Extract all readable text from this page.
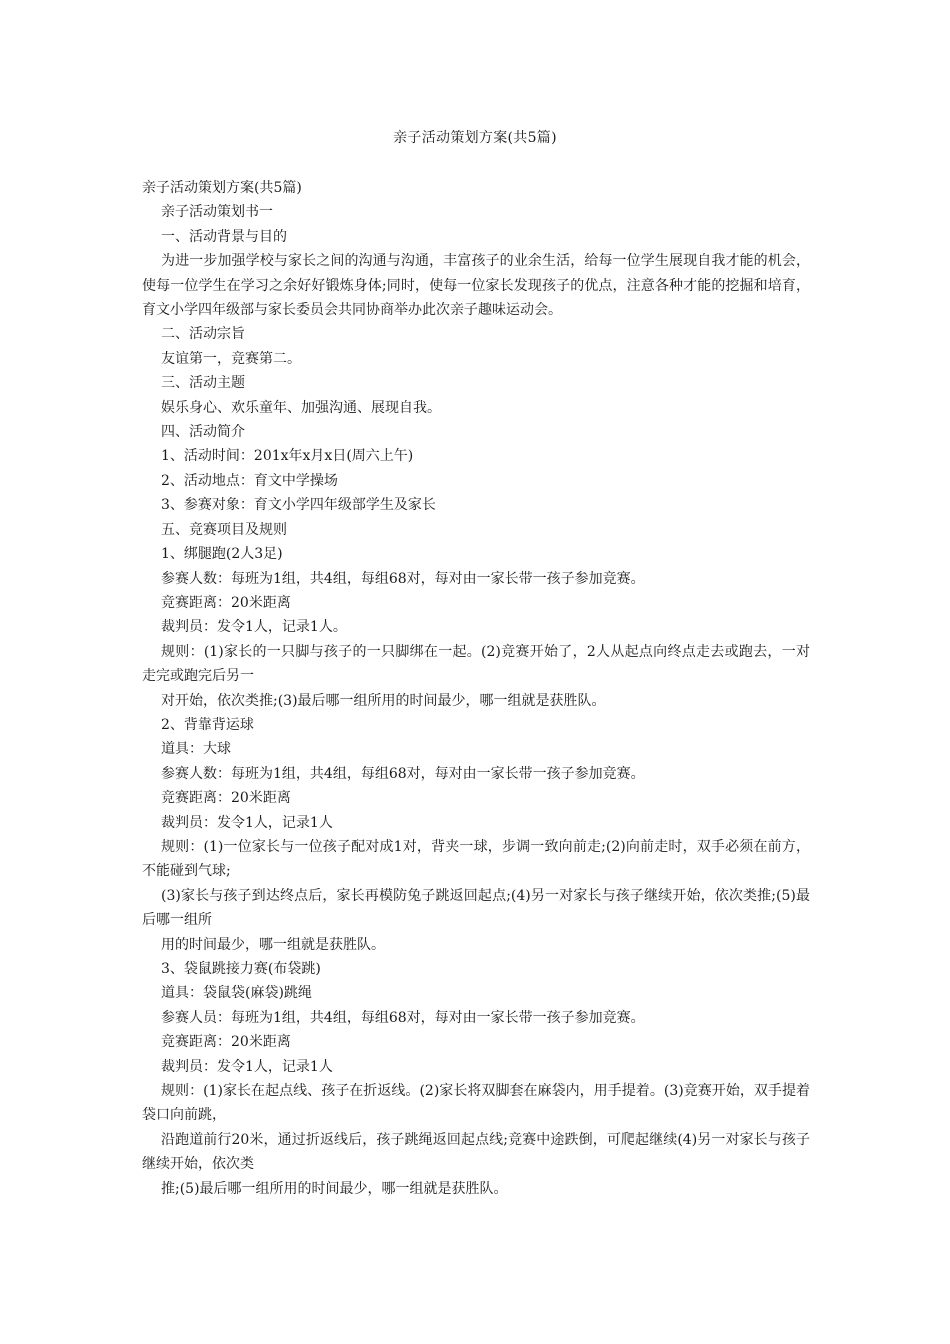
亲子活动策划方案(共5篇)

亲子活动策划方案(共5篇)

亲子活动策划书一

一、活动背景与目的

为进一步加强学校与家长之间的沟通与沟通，丰富孩子的业余生活，给每一位学生展现自我才能的机会，使每一位学生在学习之余好好锻炼身体;同时，使每一位家长发现孩子的优点，注意各种才能的挖掘和培育，育文小学四年级部与家长委员会共同协商举办此次亲子趣味运动会。

二、活动宗旨

友谊第一，竞赛第二。

三、活动主题

娱乐身心、欢乐童年、加强沟通、展现自我。

四、活动简介

1、活动时间：201x年x月x日(周六上午)

2、活动地点：育文中学操场

3、参赛对象：育文小学四年级部学生及家长

五、竞赛项目及规则

1、绑腿跑(2人3足)

参赛人数：每班为1组，共4组，每组68对，每对由一家长带一孩子参加竞赛。

竞赛距离：20米距离

裁判员：发令1人，记录1人。

规则：(1)家长的一只脚与孩子的一只脚绑在一起。(2)竞赛开始了，2人从起点向终点走去或跑去，一对走完或跑完后另一

对开始，依次类推;(3)最后哪一组所用的时间最少，哪一组就是获胜队。

2、背靠背运球

道具：大球

参赛人数：每班为1组，共4组，每组68对，每对由一家长带一孩子参加竞赛。

竞赛距离：20米距离

裁判员：发令1人，记录1人

规则：(1)一位家长与一位孩子配对成1对，背夹一球，步调一致向前走;(2)向前走时，双手必须在前方，不能碰到气球;

(3)家长与孩子到达终点后，家长再模防兔子跳返回起点;(4)另一对家长与孩子继续开始，依次类推;(5)最后哪一组所

用的时间最少，哪一组就是获胜队。

3、袋鼠跳接力赛(布袋跳)

道具：袋鼠袋(麻袋)跳绳

参赛人员：每班为1组，共4组，每组68对，每对由一家长带一孩子参加竞赛。

竞赛距离：20米距离

裁判员：发令1人，记录1人

规则：(1)家长在起点线、孩子在折返线。(2)家长将双脚套在麻袋内，用手提着。(3)竞赛开始，双手提着袋口向前跳，

沿跑道前行20米，通过折返线后，孩子跳绳返回起点线;竞赛中途跌倒，可爬起继续(4)另一对家长与孩子继续开始，依次类

推;(5)最后哪一组所用的时间最少，哪一组就是获胜队。
